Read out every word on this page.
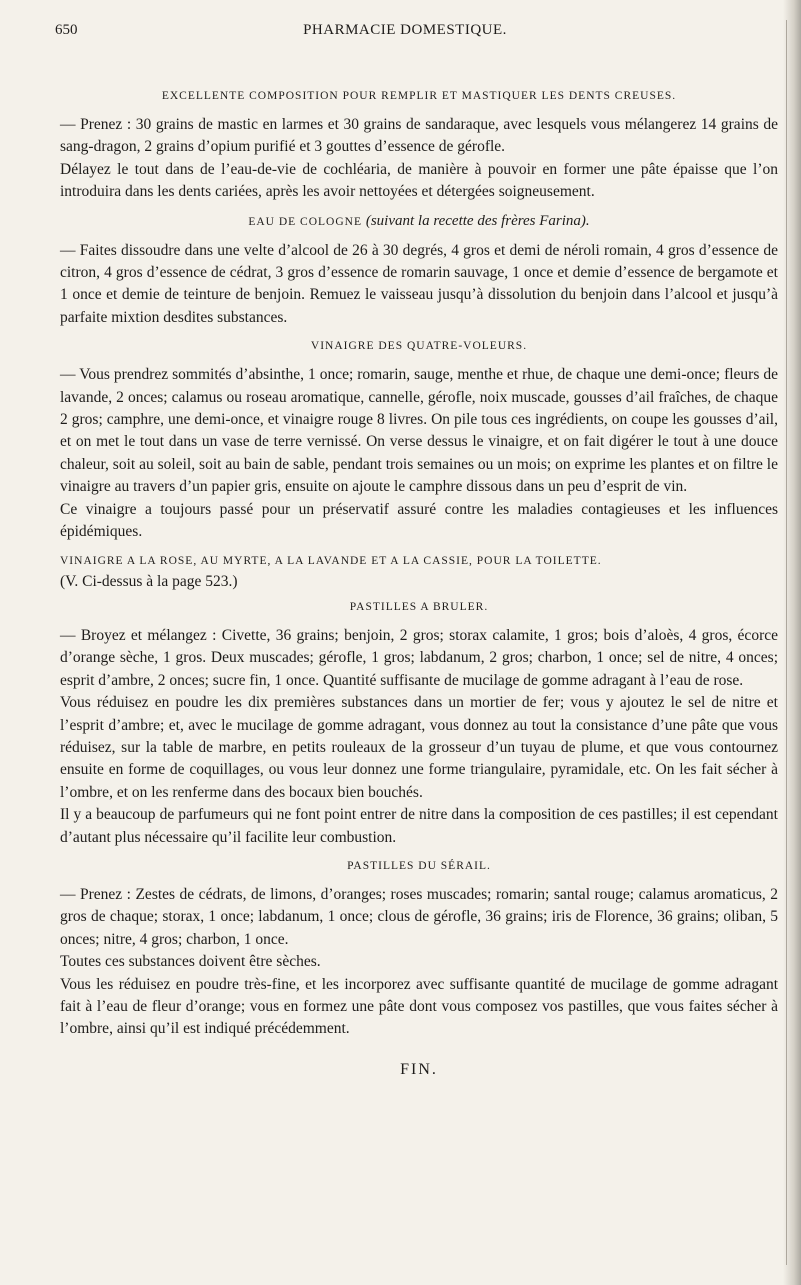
650	PHARMACIE DOMESTIQUE.
EXCELLENTE COMPOSITION POUR REMPLIR ET MASTIQUER LES DENTS CREUSES.

— Prenez : 30 grains de mastic en larmes et 30 grains de sandaraque, avec lesquels vous mélangerez 14 grains de sang-dragon, 2 grains d’opium purifié et 3 gouttes d’essence de gérofle.

Délayez le tout dans de l’eau-de-vie de cochléaria, de manière à pouvoir en former une pâte épaisse que l’on introduira dans les dents cariées, après les avoir nettoyées et détergées soigneusement.

EAU DE COLOGNE (suivant la recette des frères Farina).

— Faites dissoudre dans une velte d’alcool de 26 à 30 degrés, 4 gros et demi de néroli romain, 4 gros d’essence de citron, 4 gros d’essence de cédrat, 3 gros d’essence de romarin sauvage, 1 once et demie d’essence de bergamote et 1 once et demie de teinture de benjoin. Remuez le vaisseau jusqu’à dissolution du benjoin dans l’alcool et jusqu’à parfaite mixtion desdites substances.

VINAIGRE DES QUATRE-VOLEURS.

— Vous prendrez sommités d’absinthe, 1 once; romarin, sauge, menthe et rhue, de chaque une demi-once; fleurs de lavande, 2 onces; calamus ou roseau aromatique, cannelle, gérofle, noix muscade, gousses d’ail fraîches, de chaque 2 gros; camphre, une demi-once, et vinaigre rouge 8 livres. On pile tous ces ingrédients, on coupe les gousses d’ail, et on met le tout dans un vase de terre vernissé. On verse dessus le vinaigre, et on fait digérer le tout à une douce chaleur, soit au soleil, soit au bain de sable, pendant trois semaines ou un mois; on exprime les plantes et on filtre le vinaigre au travers d’un papier gris, ensuite on ajoute le camphre dissous dans un peu d’esprit de vin.

Ce vinaigre a toujours passé pour un préservatif assuré contre les maladies contagieuses et les influences épidémiques.

VINAIGRE A LA ROSE, AU MYRTE, A LA LAVANDE ET A LA CASSIE, POUR LA TOILETTE.

(V. Ci-dessus à la page 523.)

PASTILLES A BRULER.

— Broyez et mélangez : Civette, 36 grains; benjoin, 2 gros; storax calamite, 1 gros; bois d’aloès, 4 gros, écorce d’orange sèche, 1 gros. Deux muscades; gérofle, 1 gros; labdanum, 2 gros; charbon, 1 once; sel de nitre, 4 onces; esprit d’ambre, 2 onces; sucre fin, 1 once. Quantité suffisante de mucilage de gomme adragant à l’eau de rose.

Vous réduisez en poudre les dix premières substances dans un mortier de fer; vous y ajoutez le sel de nitre et l’esprit d’ambre; et, avec le mucilage de gomme adragant, vous donnez au tout la consistance d’une pâte que vous réduisez, sur la table de marbre, en petits rouleaux de la grosseur d’un tuyau de plume, et que vous contournez ensuite en forme de coquillages, ou vous leur donnez une forme triangulaire, pyramidale, etc. On les fait sécher à l’ombre, et on les renferme dans des bocaux bien bouchés.

Il y a beaucoup de parfumeurs qui ne font point entrer de nitre dans la composition de ces pastilles; il est cependant d’autant plus nécessaire qu’il facilite leur combustion.

PASTILLES DU SÉRAIL.

— Prenez : Zestes de cédrats, de limons, d’oranges; roses muscades; romarin; santal rouge; calamus aromaticus, 2 gros de chaque; storax, 1 once; labdanum, 1 once; clous de gérofle, 36 grains; iris de Florence, 36 grains; oliban, 5 onces; nitre, 4 gros; charbon, 1 once.

Toutes ces substances doivent être sèches.

Vous les réduisez en poudre très-fine, et les incorporez avec suffisante quantité de mucilage de gomme adragant fait à l’eau de fleur d’orange; vous en formez une pâte dont vous composez vos pastilles, que vous faites sécher à l’ombre, ainsi qu’il est indiqué précédemment.

FIN.
